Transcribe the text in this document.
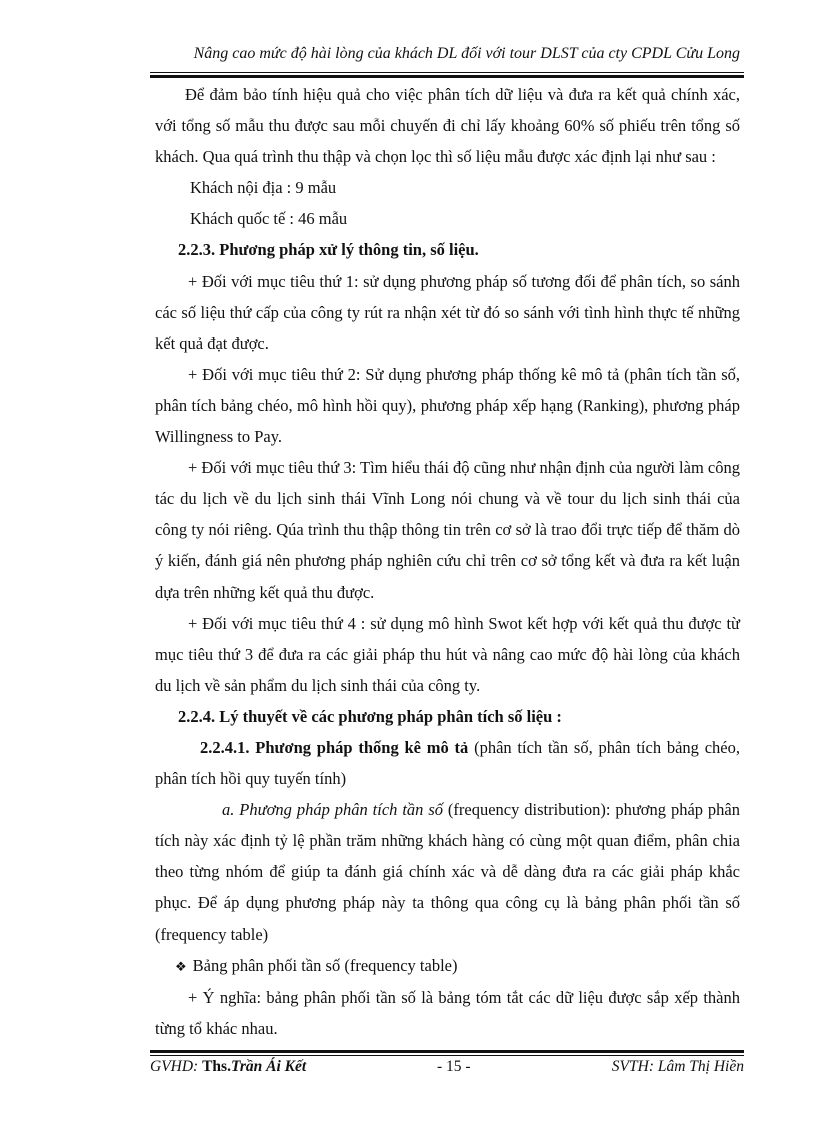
Nâng cao mức độ hài lòng của khách DL đối với tour DLST của cty CPDL Cửu Long

Để đảm bảo tính hiệu quả cho việc phân tích dữ liệu và đưa ra kết quả chính xác, với tổng số mẫu thu được sau mỗi chuyến đi chỉ lấy khoảng 60% số phiếu trên tổng số khách. Qua quá trình thu thập và chọn lọc thì số liệu mẫu được xác định lại như sau :

Khách nội địa : 9 mẫu

Khách quốc tế : 46 mẫu

2.2.3. Phương pháp xử lý thông tin, số liệu.

+ Đối với mục tiêu thứ 1: sử dụng phương pháp số tương đối để phân tích, so sánh các số liệu thứ cấp của công ty rút ra nhận xét từ đó so sánh với tình hình thực tế những kết quả đạt được.

+ Đối với mục tiêu thứ 2: Sử dụng phương pháp thống kê mô tả (phân tích tần số, phân tích bảng chéo, mô hình hồi quy), phương pháp xếp hạng (Ranking), phương pháp Willingness to Pay.

+ Đối với mục tiêu thứ 3: Tìm hiểu thái độ cũng như nhận định của người làm công tác du lịch về du lịch sinh thái Vĩnh Long nói chung và về tour du lịch sinh thái của công ty nói riêng. Qúa trình thu thập thông tin trên cơ sở là trao đổi trực tiếp để thăm dò ý kiến, đánh giá nên phương pháp nghiên cứu chỉ trên cơ sở tổng kết và đưa ra kết luận dựa trên những kết quả thu được.

+ Đối với mục tiêu thứ 4 : sử dụng mô hình Swot kết hợp với kết quả thu được từ mục tiêu thứ 3 để đưa ra các giải pháp thu hút và nâng cao mức độ hài lòng của khách du lịch về sản phẩm du lịch sinh thái của công ty.

2.2.4. Lý thuyết về các phương pháp phân tích số liệu :

2.2.4.1. Phương pháp thống kê mô tả (phân tích tần số, phân tích bảng chéo, phân tích hồi quy tuyến tính)

a. Phương pháp phân tích tần số (frequency distribution): phương pháp phân tích này xác định tỷ lệ phần trăm những khách hàng có cùng một quan điểm, phân chia theo từng nhóm để giúp ta đánh giá chính xác và dễ dàng đưa ra các giải pháp khắc phục. Để áp dụng phương pháp này ta thông qua công cụ là bảng phân phối tần số (frequency table)

❖ Bảng phân phối tần số (frequency table)

+ Ý nghĩa: bảng phân phối tần số là bảng tóm tắt các dữ liệu được sắp xếp thành từng tổ khác nhau.

GVHD: Ths.Trần Ái Kết	- 15 -	SVTH: Lâm Thị Hiền
